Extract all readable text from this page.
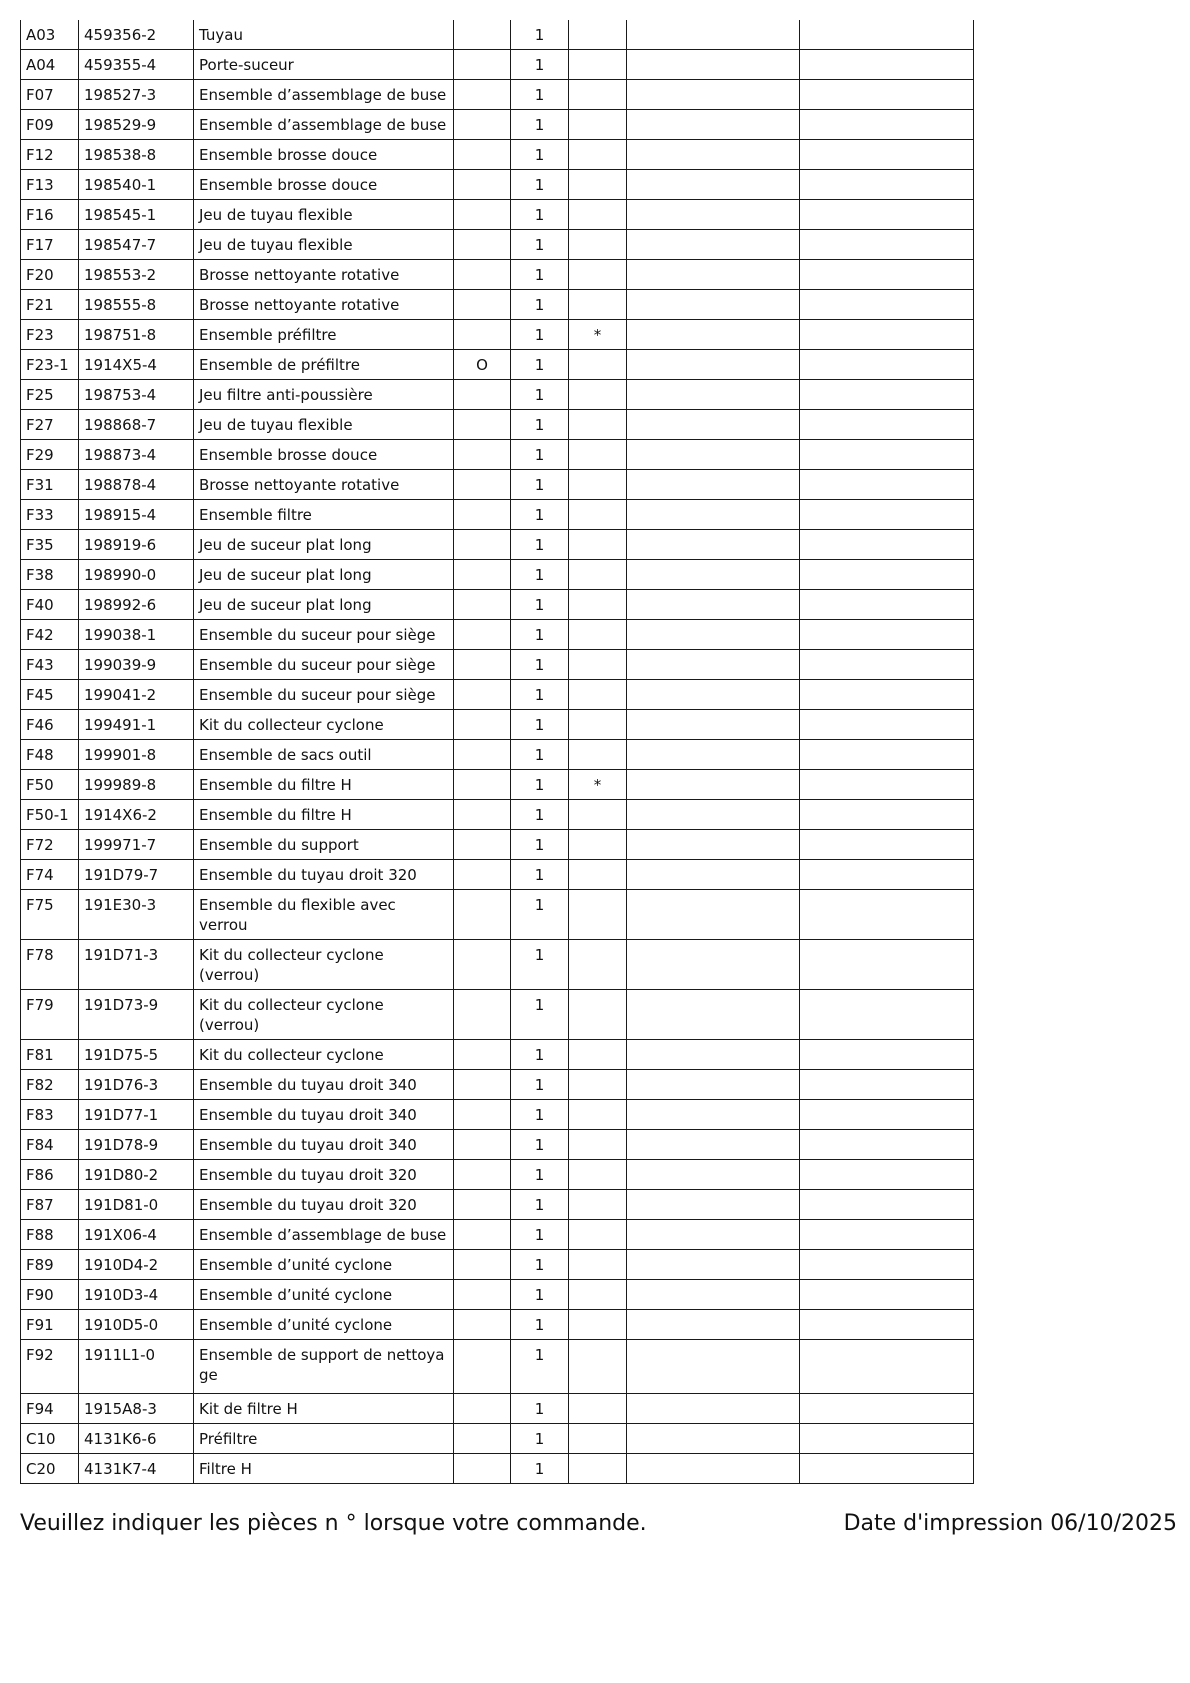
A03	459356-2	Tuyau		1			
A04	459355-4	Porte-suceur		1			
F07	198527-3	Ensemble d’assemblage de buse		1			
F09	198529-9	Ensemble d’assemblage de buse		1			
F12	198538-8	Ensemble brosse douce		1			
F13	198540-1	Ensemble brosse douce		1			
F16	198545-1	Jeu de tuyau flexible		1			
F17	198547-7	Jeu de tuyau flexible		1			
F20	198553-2	Brosse nettoyante rotative		1			
F21	198555-8	Brosse nettoyante rotative		1			
F23	198751-8	Ensemble préfiltre		1	*		
F23-1	1914X5-4	Ensemble de préfiltre	O	1			
F25	198753-4	Jeu filtre anti-poussière		1			
F27	198868-7	Jeu de tuyau flexible		1			
F29	198873-4	Ensemble brosse douce		1			
F31	198878-4	Brosse nettoyante rotative		1			
F33	198915-4	Ensemble filtre		1			
F35	198919-6	Jeu de suceur plat long		1			
F38	198990-0	Jeu de suceur plat long		1			
F40	198992-6	Jeu de suceur plat long		1			
F42	199038-1	Ensemble du suceur pour siège		1			
F43	199039-9	Ensemble du suceur pour siège		1			
F45	199041-2	Ensemble du suceur pour siège		1			
F46	199491-1	Kit du collecteur cyclone		1			
F48	199901-8	Ensemble de sacs outil		1			
F50	199989-8	Ensemble du filtre H		1	*		
F50-1	1914X6-2	Ensemble du filtre H		1			
F72	199971-7	Ensemble du support		1			
F74	191D79-7	Ensemble du tuyau droit 320		1			
F75	191E30-3	Ensemble du flexible avec verrou		1			
F78	191D71-3	Kit du collecteur cyclone (verrou)		1			
F79	191D73-9	Kit du collecteur cyclone (verrou)		1			
F81	191D75-5	Kit du collecteur cyclone		1			
F82	191D76-3	Ensemble du tuyau droit 340		1			
F83	191D77-1	Ensemble du tuyau droit 340		1			
F84	191D78-9	Ensemble du tuyau droit 340		1			
F86	191D80-2	Ensemble du tuyau droit 320		1			
F87	191D81-0	Ensemble du tuyau droit 320		1			
F88	191X06-4	Ensemble d’assemblage de buse		1			
F89	1910D4-2	Ensemble d’unité cyclone		1			
F90	1910D3-4	Ensemble d’unité cyclone		1			
F91	1910D5-0	Ensemble d’unité cyclone		1			
F92	1911L1-0	Ensemble de support de nettoya ge		1			
F94	1915A8-3	Kit de filtre H		1			
C10	4131K6-6	Préfiltre		1			
C20	4131K7-4	Filtre H		1			
Veuillez indiquer les pièces n ° lorsque votre commande.	Date d'impression 06/10/2025
